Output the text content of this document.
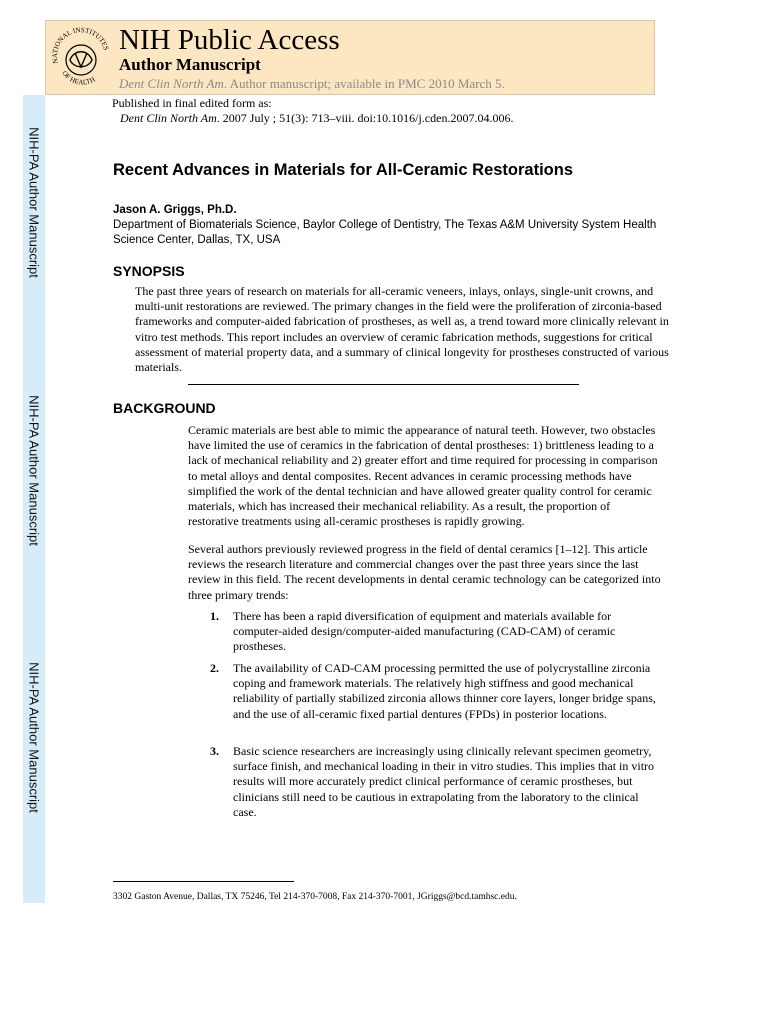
NIH-PA Author Manuscript
NIH-PA Author Manuscript
NIH-PA Author Manuscript
NATIONAL INSTITUTES
OF HEALTH
NIH Public Access
Author Manuscript
Dent Clin North Am. Author manuscript; available in PMC 2010 March 5.
Published in final edited form as:
Dent Clin North Am. 2007 July ; 51(3): 713–viii. doi:10.1016/j.cden.2007.04.006.
Recent Advances in Materials for All-Ceramic Restorations
Jason A. Griggs, Ph.D.
Department of Biomaterials Science, Baylor College of Dentistry, The Texas A&M University System Health Science Center, Dallas, TX, USA
SYNOPSIS
The past three years of research on materials for all-ceramic veneers, inlays, onlays, single-unit crowns, and multi-unit restorations are reviewed. The primary changes in the field were the proliferation of zirconia-based frameworks and computer-aided fabrication of prostheses, as well as, a trend toward more clinically relevant in vitro test methods. This report includes an overview of ceramic fabrication methods, suggestions for critical assessment of material property data, and a summary of clinical longevity for prostheses constructed of various materials.
BACKGROUND
Ceramic materials are best able to mimic the appearance of natural teeth. However, two obstacles have limited the use of ceramics in the fabrication of dental prostheses: 1) brittleness leading to a lack of mechanical reliability and 2) greater effort and time required for processing in comparison to metal alloys and dental composites. Recent advances in ceramic processing methods have simplified the work of the dental technician and have allowed greater quality control for ceramic materials, which has increased their mechanical reliability. As a result, the proportion of restorative treatments using all-ceramic prostheses is rapidly growing.
Several authors previously reviewed progress in the field of dental ceramics [1–12]. This article reviews the research literature and commercial changes over the past three years since the last review in this field. The recent developments in dental ceramic technology can be categorized into three primary trends:
1. There has been a rapid diversification of equipment and materials available for computer-aided design/computer-aided manufacturing (CAD-CAM) of ceramic prostheses.
2. The availability of CAD-CAM processing permitted the use of polycrystalline zirconia coping and framework materials. The relatively high stiffness and good mechanical reliability of partially stabilized zirconia allows thinner core layers, longer bridge spans, and the use of all-ceramic fixed partial dentures (FPDs) in posterior locations.
3. Basic science researchers are increasingly using clinically relevant specimen geometry, surface finish, and mechanical loading in their in vitro studies. This implies that in vitro results will more accurately predict clinical performance of ceramic prostheses, but clinicians still need to be cautious in extrapolating from the laboratory to the clinical case.
3302 Gaston Avenue, Dallas, TX 75246, Tel 214-370-7008, Fax 214-370-7001, JGriggs@bcd.tamhsc.edu.
